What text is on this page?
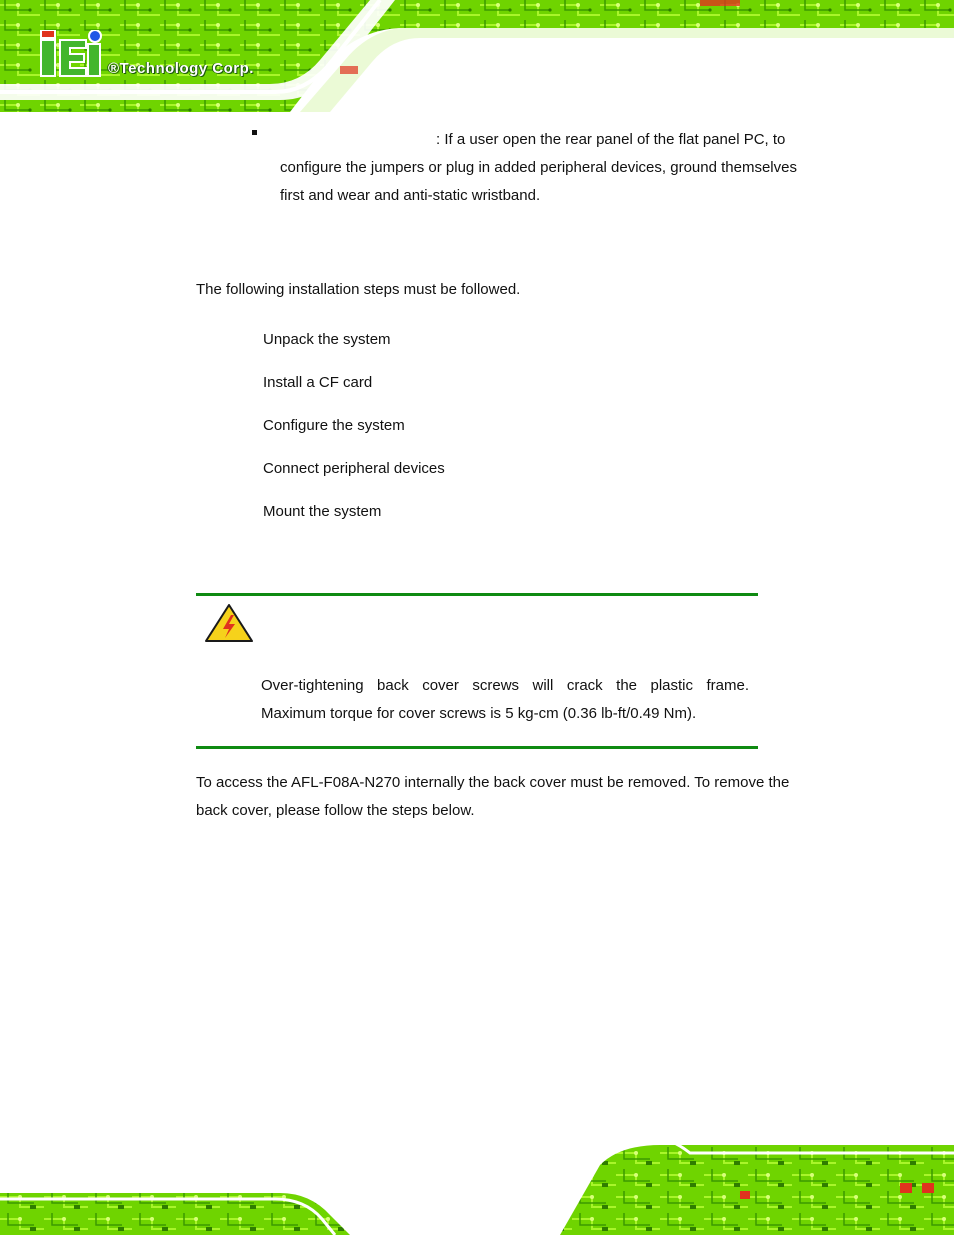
®Technology Corp.
: If a user open the rear panel of the flat panel PC, to configure the jumpers or plug in added peripheral devices, ground themselves first and wear and anti-static wristband.
The following installation steps must be followed.
Unpack the system
Install a CF card
Configure the system
Connect peripheral devices
Mount the system
Over-tightening back cover screws will crack the plastic frame.
Maximum torque for cover screws is 5 kg-cm (0.36 lb-ft/0.49 Nm).
To access the AFL-F08A-N270 internally the back cover must be removed. To remove the back cover, please follow the steps below.
